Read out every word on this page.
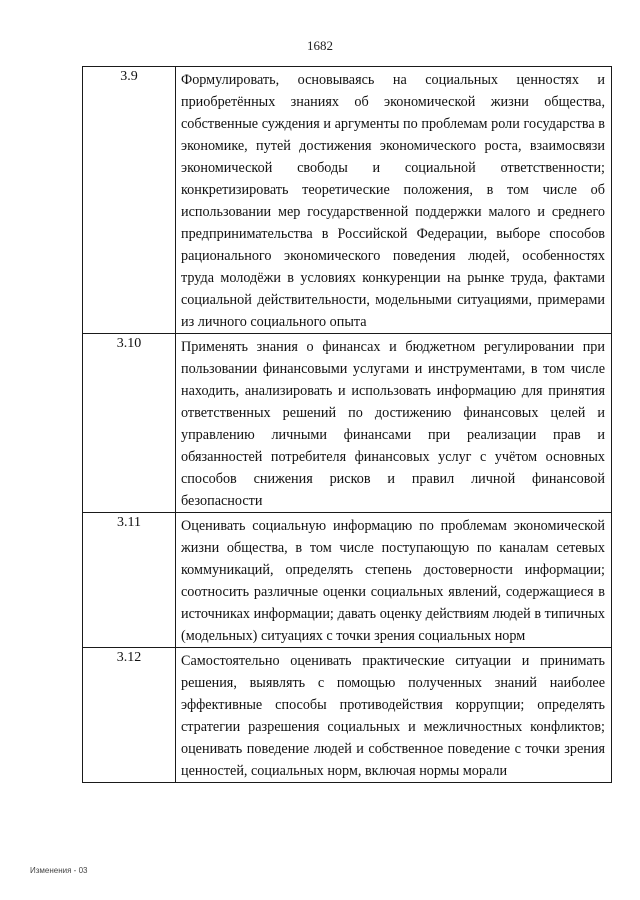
1682
3.9	Формулировать, основываясь на социальных ценностях и приобретённых знаниях об экономической жизни общества, собственные суждения и аргументы по проблемам роли государства в экономике, путей достижения экономического роста, взаимосвязи экономической свободы и социальной ответственности;

конкретизировать теоретические положения, в том числе об использовании мер государственной поддержки малого и среднего предпринимательства в Российской Федерации, выборе способов рационального экономического поведения людей, особенностях труда молодёжи в условиях конкуренции на рынке труда, фактами социальной действительности, модельными ситуациями, примерами из личного социального опыта

3.10	Применять знания о финансах и бюджетном регулировании при пользовании финансовыми услугами и инструментами, в том числе находить, анализировать и использовать информацию для принятия ответственных решений по достижению финансовых целей и управлению личными финансами при реализации прав и обязанностей потребителя финансовых услуг с учётом основных способов снижения рисков и правил личной финансовой безопасности

3.11	Оценивать социальную информацию по проблемам экономической жизни общества, в том числе поступающую по каналам сетевых коммуникаций, определять степень достоверности информации; соотносить различные оценки социальных явлений, содержащиеся в источниках информации; давать оценку действиям людей в типичных (модельных) ситуациях с точки зрения социальных норм

3.12	Самостоятельно оценивать практические ситуации и принимать решения, выявлять с помощью полученных знаний наиболее эффективные способы противодействия коррупции; определять стратегии разрешения социальных и межличностных конфликтов; оценивать поведение людей и собственное поведение с точки зрения ценностей, социальных норм, включая нормы морали

Изменения - 03
